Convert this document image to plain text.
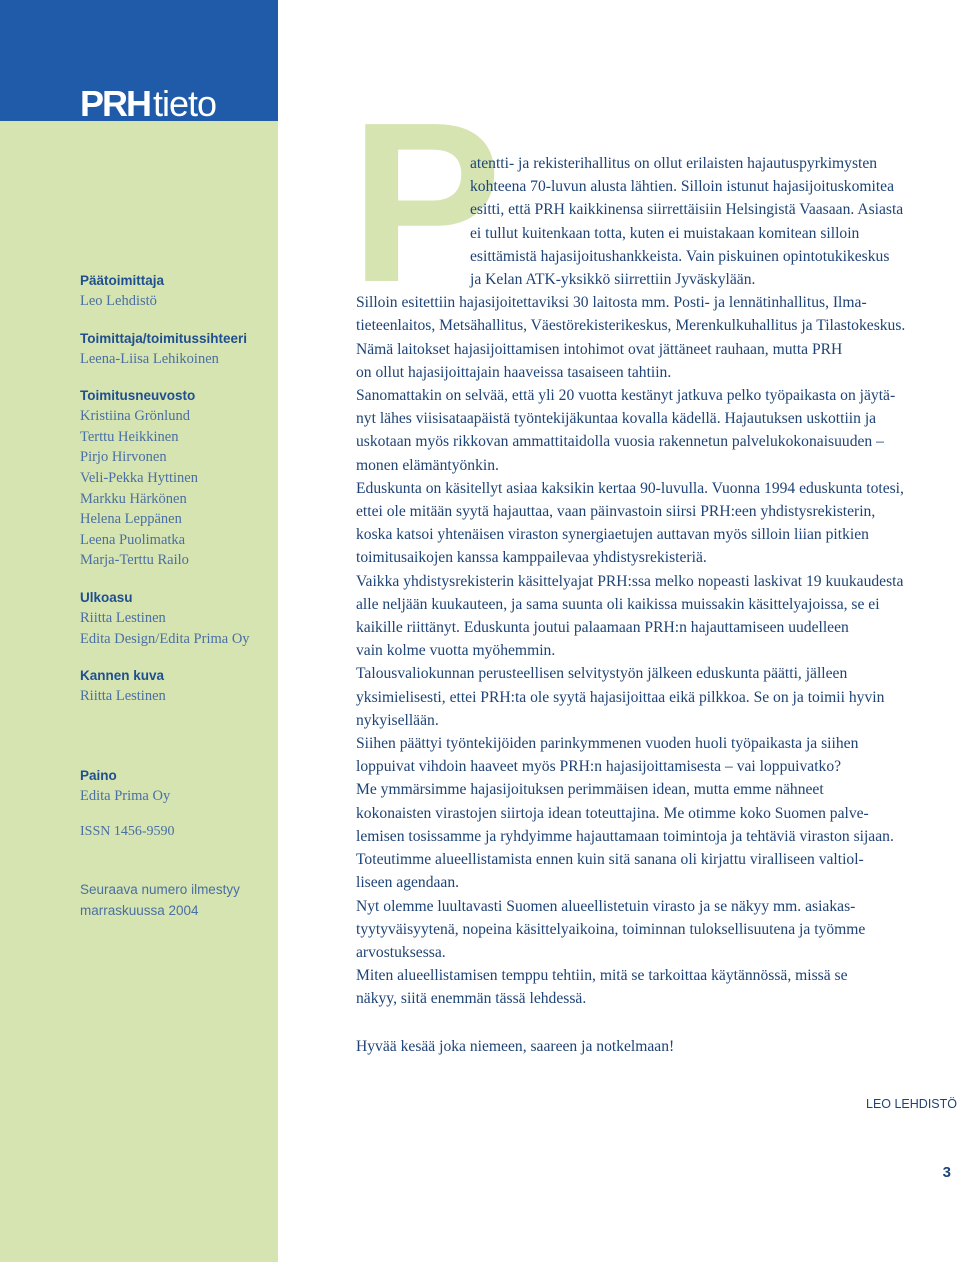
PRHtieto
Päätoimittaja
Leo Lehdistö
Toimittaja/toimitussihteeri
Leena-Liisa Lehikoinen
Toimitusneuvosto
Kristiina Grönlund
Terttu Heikkinen
Pirjo Hirvonen
Veli-Pekka Hyttinen
Markku Härkönen
Helena Leppänen
Leena Puolimatka
Marja-Terttu Railo
Ulkoasu
Riitta Lestinen
Edita Design/Edita Prima Oy
Kannen kuva
Riitta Lestinen
Paino
Edita Prima Oy
ISSN 1456-9590
Seuraava numero ilmestyy
marraskuussa 2004
P

atentti- ja rekisterihallitus on ollut erilaisten hajautuspyrkimysten
kohteena 70-luvun alusta lähtien. Silloin istunut hajasijoituskomitea
esitti, että PRH kaikkinensa siirrettäisiin Helsingistä Vaasaan. Asiasta
ei tullut kuitenkaan totta, kuten ei muistakaan komitean silloin
esittämistä hajasijoitushankkeista. Vain piskuinen opintotukikeskus
ja Kelan ATK-yksikkö siirrettiin Jyväskylään.

Silloin esitettiin hajasijoitettaviksi 30 laitosta mm. Posti- ja lennätinhallitus, Ilma-
tieteenlaitos, Metsähallitus, Väestörekisterikeskus, Merenkulkuhallitus ja Tilastokeskus.

Nämä laitokset hajasijoittamisen intohimot ovat jättäneet rauhaan, mutta PRH
on ollut hajasijoittajain haaveissa tasaiseen tahtiin.

Sanomattakin on selvää, että yli 20 vuotta kestänyt jatkuva pelko työpaikasta on jäytä-
nyt lähes viisisataapäistä työntekijäkuntaa kovalla kädellä. Hajautuksen uskottiin ja
uskotaan myös rikkovan ammattitaidolla vuosia rakennetun palvelukokonaisuuden –
monen elämäntyönkin.

Eduskunta on käsitellyt asiaa kaksikin kertaa 90-luvulla. Vuonna 1994 eduskunta totesi,
ettei ole mitään syytä hajauttaa, vaan päinvastoin siirsi PRH:een yhdistysrekisterin,
koska katsoi yhtenäisen viraston synergiaetujen auttavan myös silloin liian pitkien
toimitusaikojen kanssa kamppailevaa yhdistysrekisteriä.

Vaikka yhdistysrekisterin käsittelyajat PRH:ssa melko nopeasti laskivat 19 kuukaudesta
alle neljään kuukauteen, ja sama suunta oli kaikissa muissakin käsittelyajoissa, se ei
kaikille riittänyt. Eduskunta joutui palaamaan PRH:n hajauttamiseen uudelleen
vain kolme vuotta myöhemmin.

Talousvaliokunnan perusteellisen selvitystyön jälkeen eduskunta päätti, jälleen
yksimielisesti, ettei PRH:ta ole syytä hajasijoittaa eikä pilkkoa. Se on ja toimii hyvin
nykyisellään.

Siihen päättyi työntekijöiden parinkymmenen vuoden huoli työpaikasta ja siihen
loppuivat vihdoin haaveet myös PRH:n hajasijoittamisesta – vai loppuivatko?

Me ymmärsimme hajasijoituksen perimmäisen idean, mutta emme nähneet
kokonaisten virastojen siirtoja idean toteuttajina. Me otimme koko Suomen palve-
lemisen tosissamme ja ryhdyimme hajauttamaan toimintoja ja tehtäviä viraston sijaan.

Toteutimme alueellistamista ennen kuin sitä sanana oli kirjattu viralliseen valtiol-
liseen agendaan.

Nyt olemme luultavasti Suomen alueellistetuin virasto ja se näkyy mm. asiakas-
tyytyväisyytenä, nopeina käsittelyaikoina, toiminnan tuloksellisuutena ja työmme
arvostuksessa.

Miten alueellistamisen temppu tehtiin, mitä se tarkoittaa käytännössä, missä se
näkyy, siitä enemmän tässä lehdessä.

Hyvää kesää joka niemeen, saareen ja notkelmaan!
LEO LEHDISTÖ
3
